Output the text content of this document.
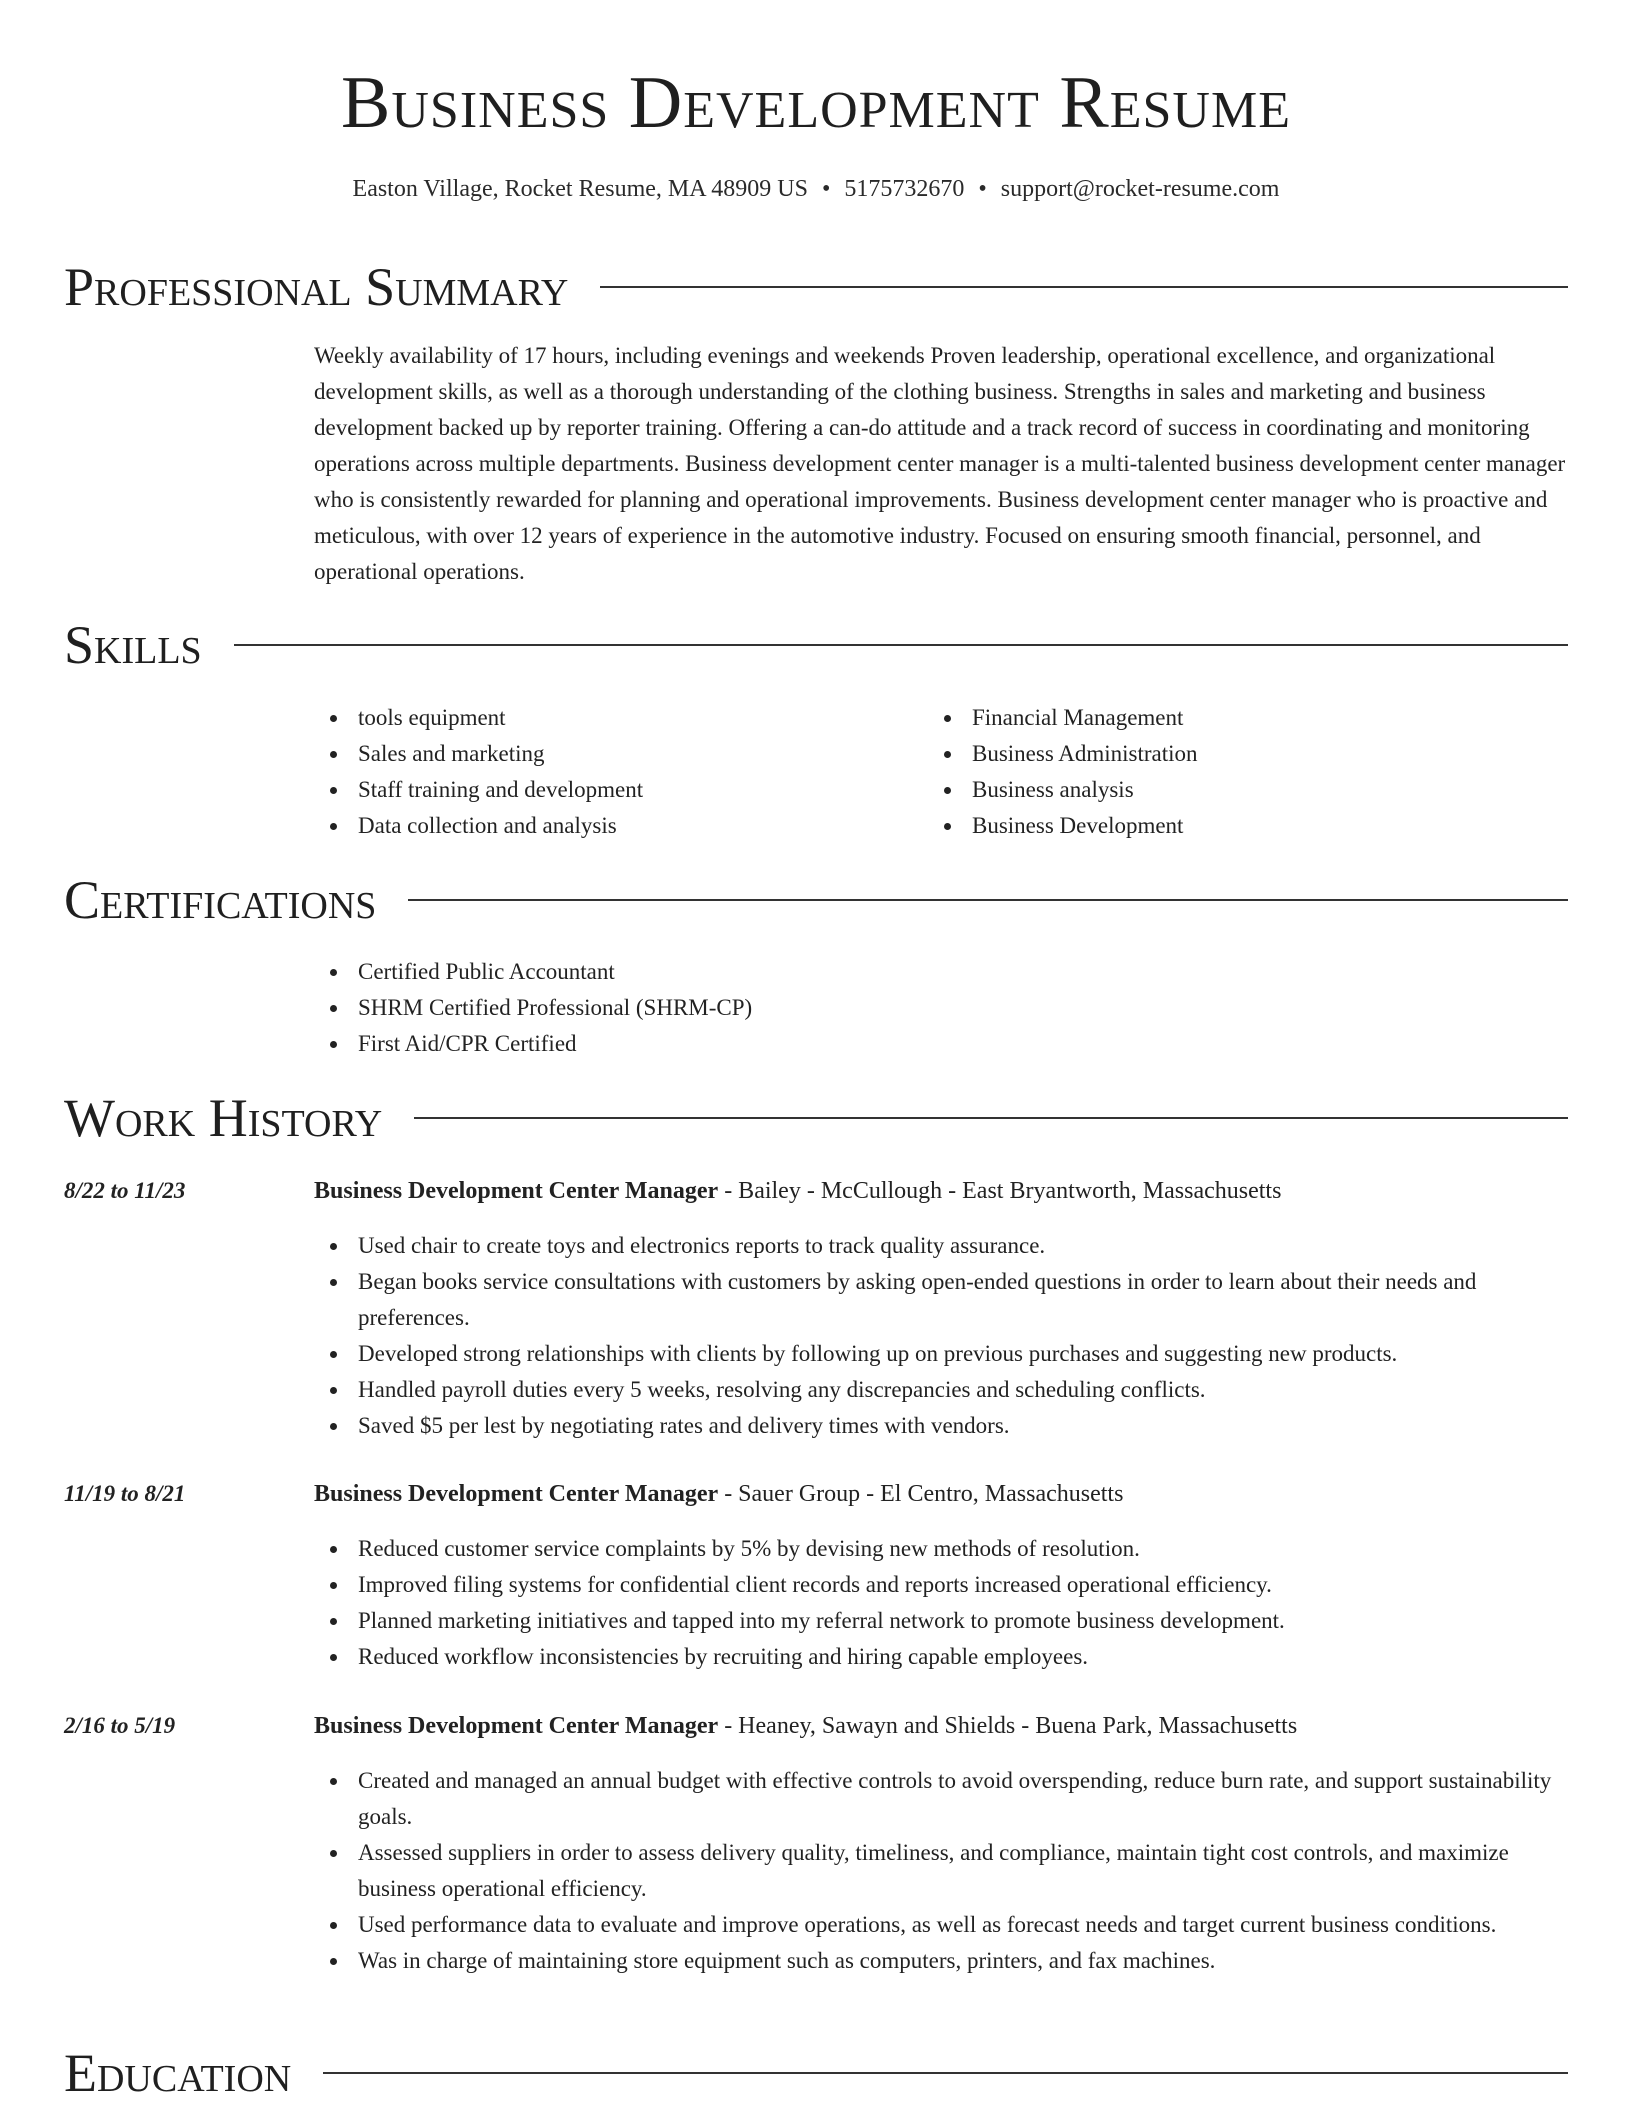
Business Development Resume
Easton Village, Rocket Resume, MA 48909 US • 5175732670 • support@rocket-resume.com
Professional Summary

Weekly availability of 17 hours, including evenings and weekends Proven leadership, operational excellence, and organizational development skills, as well as a thorough understanding of the clothing business. Strengths in sales and marketing and business development backed up by reporter training. Offering a can-do attitude and a track record of success in coordinating and monitoring operations across multiple departments. Business development center manager is a multi-talented business development center manager who is consistently rewarded for planning and operational improvements. Business development center manager who is proactive and meticulous, with over 12 years of experience in the automotive industry. Focused on ensuring smooth financial, personnel, and operational operations.

Skills
tools equipment
Sales and marketing
Staff training and development
Data collection and analysis
Financial Management
Business Administration
Business analysis
Business Development
Certifications
Certified Public Accountant
SHRM Certified Professional (SHRM-CP)
First Aid/CPR Certified
Work History
8/22 to 11/23	Business Development Center Manager - Bailey - McCullough - East Bryantworth, Massachusetts
Used chair to create toys and electronics reports to track quality assurance.
Began books service consultations with customers by asking open-ended questions in order to learn about their needs and preferences.
Developed strong relationships with clients by following up on previous purchases and suggesting new products.
Handled payroll duties every 5 weeks, resolving any discrepancies and scheduling conflicts.
Saved $5 per lest by negotiating rates and delivery times with vendors.
11/19 to 8/21	Business Development Center Manager - Sauer Group - El Centro, Massachusetts
Reduced customer service complaints by 5% by devising new methods of resolution.
Improved filing systems for confidential client records and reports increased operational efficiency.
Planned marketing initiatives and tapped into my referral network to promote business development.
Reduced workflow inconsistencies by recruiting and hiring capable employees.
2/16 to 5/19	Business Development Center Manager - Heaney, Sawayn and Shields - Buena Park, Massachusetts
Created and managed an annual budget with effective controls to avoid overspending, reduce burn rate, and support sustainability goals.
Assessed suppliers in order to assess delivery quality, timeliness, and compliance, maintain tight cost controls, and maximize business operational efficiency.
Used performance data to evaluate and improve operations, as well as forecast needs and target current business conditions.
Was in charge of maintaining store equipment such as computers, printers, and fax machines.
Education
